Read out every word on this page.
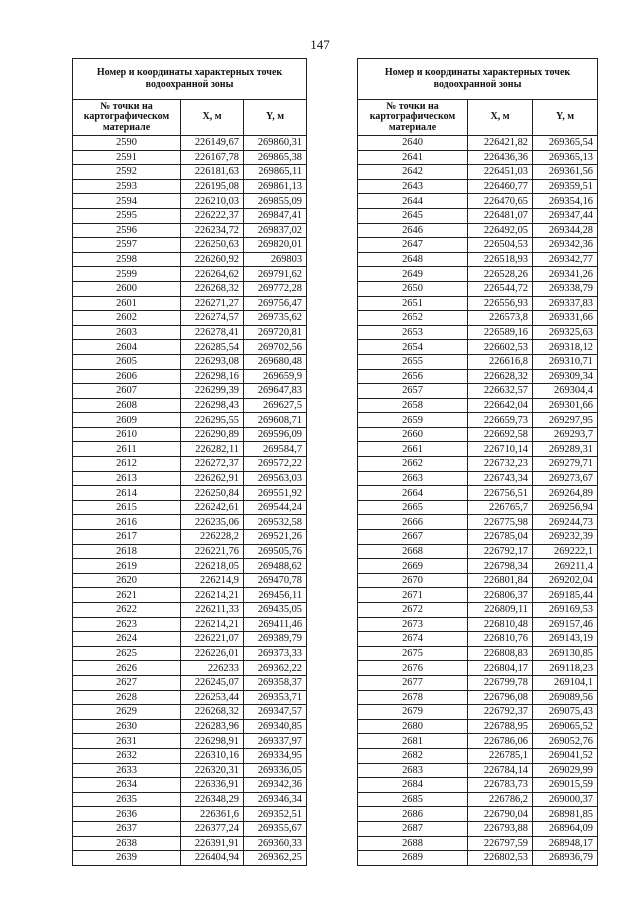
147
Номер и координаты характерных точек водоохранной зоны		
№ точки на картографическом материале	X, м	Y, м
2590	226149,67	269860,31
2591	226167,78	269865,38
2592	226181,63	269865,11
2593	226195,08	269861,13
2594	226210,03	269855,09
2595	226222,37	269847,41
2596	226234,72	269837,02
2597	226250,63	269820,01
2598	226260,92	269803
2599	226264,62	269791,62
2600	226268,32	269772,28
2601	226271,27	269756,47
2602	226274,57	269735,62
2603	226278,41	269720,81
2604	226285,54	269702,56
2605	226293,08	269680,48
2606	226298,16	269659,9
2607	226299,39	269647,83
2608	226298,43	269627,5
2609	226295,55	269608,71
2610	226290,89	269596,09
2611	226282,11	269584,7
2612	226272,37	269572,22
2613	226262,91	269563,03
2614	226250,84	269551,92
2615	226242,61	269544,24
2616	226235,06	269532,58
2617	226228,2	269521,26
2618	226221,76	269505,76
2619	226218,05	269488,62
2620	226214,9	269470,78
2621	226214,21	269456,11
2622	226211,33	269435,05
2623	226214,21	269411,46
2624	226221,07	269389,79
2625	226226,01	269373,33
2626	226233	269362,22
2627	226245,07	269358,37
2628	226253,44	269353,71
2629	226268,32	269347,57
2630	226283,96	269340,85
2631	226298,91	269337,97
2632	226310,16	269334,95
2633	226320,31	269336,05
2634	226336,91	269342,36
2635	226348,29	269346,34
2636	226361,6	269352,51
2637	226377,24	269355,67
2638	226391,91	269360,33
2639	226404,94	269362,25
Номер и координаты характерных точек водоохранной зоны		
№ точки на картографическом материале	X, м	Y, м
2640	226421,82	269365,54
2641	226436,36	269365,13
2642	226451,03	269361,56
2643	226460,77	269359,51
2644	226470,65	269354,16
2645	226481,07	269347,44
2646	226492,05	269344,28
2647	226504,53	269342,36
2648	226518,93	269342,77
2649	226528,26	269341,26
2650	226544,72	269338,79
2651	226556,93	269337,83
2652	226573,8	269331,66
2653	226589,16	269325,63
2654	226602,53	269318,12
2655	226616,8	269310,71
2656	226628,32	269309,34
2657	226632,57	269304,4
2658	226642,04	269301,66
2659	226659,73	269297,95
2660	226692,58	269293,7
2661	226710,14	269289,31
2662	226732,23	269279,71
2663	226743,34	269273,67
2664	226756,51	269264,89
2665	226765,7	269256,94
2666	226775,98	269244,73
2667	226785,04	269232,39
2668	226792,17	269222,1
2669	226798,34	269211,4
2670	226801,84	269202,04
2671	226806,37	269185,44
2672	226809,11	269169,53
2673	226810,48	269157,46
2674	226810,76	269143,19
2675	226808,83	269130,85
2676	226804,17	269118,23
2677	226799,78	269104,1
2678	226796,08	269089,56
2679	226792,37	269075,43
2680	226788,95	269065,52
2681	226786,06	269052,76
2682	226785,1	269041,52
2683	226784,14	269029,99
2684	226783,73	269015,59
2685	226786,2	269000,37
2686	226790,04	268981,85
2687	226793,88	268964,09
2688	226797,59	268948,17
2689	226802,53	268936,79
